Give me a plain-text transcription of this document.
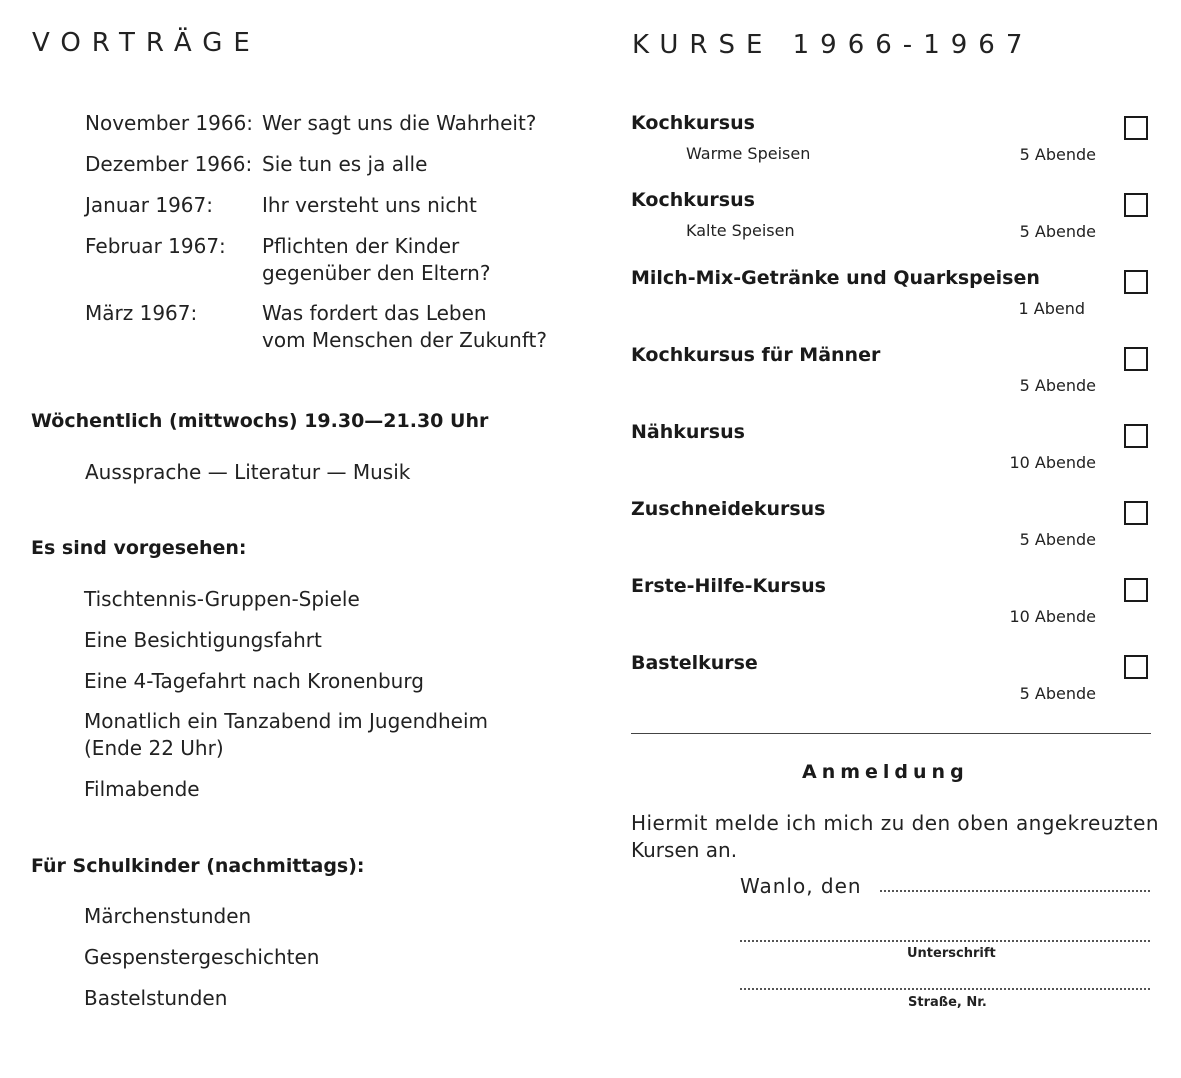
VORTRÄGE
November 1966: Wer sagt uns die Wahrheit?
Dezember 1966: Sie tun es ja alle
Januar 1967: Ihr versteht uns nicht
Februar 1967: Pflichten der Kinder
gegenüber den Eltern?
März 1967:	Was fordert das Leben
vom Menschen der Zukunft?
Wöchentlich (mittwochs) 19.30—21.30 Uhr
Aussprache — Literatur — Musik
Es sind vorgesehen:
Tischtennis-Gruppen-Spiele
Eine Besichtigungsfahrt
Eine 4-Tagefahrt nach Kronenburg
Monatlich ein Tanzabend im Jugendheim
(Ende 22 Uhr)
Filmabende
Für Schulkinder (nachmittags):
Märchenstunden
Gespenstergeschichten
Bastelstunden
KURSE 1966-1967
Kochkursus
Warme Speisen	5 Abende
Kochkursus
Kalte Speisen	5 Abende
Milch-Mix-Getränke und Quarkspeisen
1 Abend
Kochkursus für Männer
5 Abende
Nähkursus
10 Abende
Zuschneidekursus
5 Abende
Erste-Hilfe-Kursus
10 Abende
Bastelkurse
5 Abende
Anmeldung
Hiermit melde ich mich zu den oben angekreuzten
Kursen an.
Wanlo, den
Unterschrift
Straße, Nr.
